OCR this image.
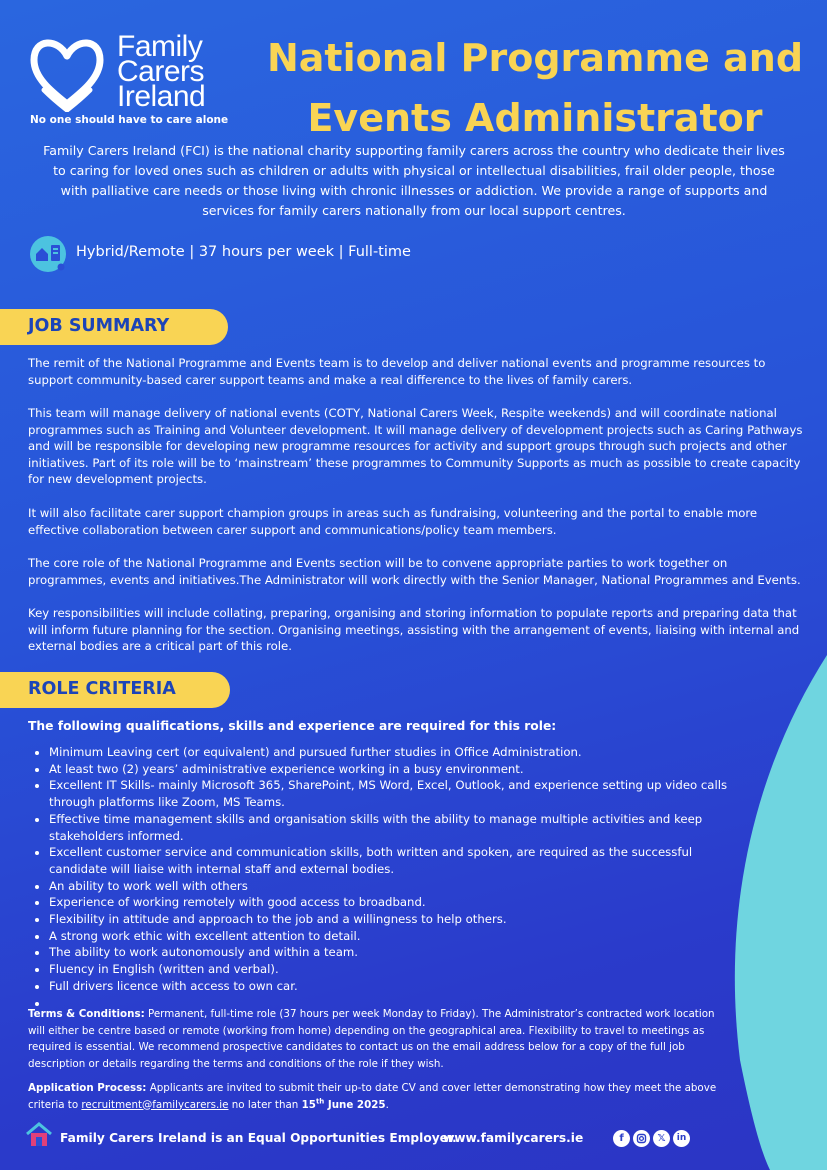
Family
Carers
Ireland
No one should have to care alone
National Programme and Events Administrator
Family Carers Ireland (FCI) is the national charity supporting family carers across the country who dedicate their lives to caring for loved ones such as children or adults with physical or intellectual disabilities, frail older people, those with palliative care needs or those living with chronic illnesses or addiction. We provide a range of supports and services for family carers nationally from our local support centres.
Hybrid/Remote | 37 hours per week | Full-time
JOB SUMMARY
The remit of the National Programme and Events team is to develop and deliver national events and programme resources to support community-based carer support teams and make a real difference to the lives of family carers.
This team will manage delivery of national events (COTY, National Carers Week, Respite weekends) and will coordinate national programmes such as Training and Volunteer development. It will manage delivery of development projects such as Caring Pathways and will be responsible for developing new programme resources for activity and support groups through such projects and other initiatives. Part of its role will be to ‘mainstream’ these programmes to Community Supports as much as possible to create capacity for new development projects.
It will also facilitate carer support champion groups in areas such as fundraising, volunteering and the portal to enable more effective collaboration between carer support and communications/policy team members.
The core role of the National Programme and Events section will be to convene appropriate parties to work together on programmes, events and initiatives.The Administrator will work directly with the Senior Manager, National Programmes and Events.
Key responsibilities will include collating, preparing, organising and storing information to populate reports and preparing data that will inform future planning for the section. Organising meetings, assisting with the arrangement of events, liaising with internal and external bodies are a critical part of this role.
ROLE CRITERIA
The following qualifications, skills and experience are required for this role:
• Minimum Leaving cert (or equivalent) and pursued further studies in Office Administration.
• At least two (2) years’ administrative experience working in a busy environment.
• Excellent IT Skills- mainly Microsoft 365, SharePoint, MS Word, Excel, Outlook, and experience setting up video calls through platforms like Zoom, MS Teams.
• Effective time management skills and organisation skills with the ability to manage multiple activities and keep stakeholders informed.
• Excellent customer service and communication skills, both written and spoken, are required as the successful candidate will liaise with internal staff and external bodies.
• An ability to work well with others
• Experience of working remotely with good access to broadband.
• Flexibility in attitude and approach to the job and a willingness to help others.
• A strong work ethic with excellent attention to detail.
• The ability to work autonomously and within a team.
• Fluency in English (written and verbal).
• Full drivers licence with access to own car.
•
Terms & Conditions: Permanent, full-time role (37 hours per week Monday to Friday). The Administrator’s contracted work location will either be centre based or remote (working from home) depending on the geographical area. Flexibility to travel to meetings as required is essential. We recommend prospective candidates to contact us on the email address below for a copy of the full job description or details regarding the terms and conditions of the role if they wish.
Application Process: Applicants are invited to submit their up-to date CV and cover letter demonstrating how they meet the above criteria to recruitment@familycarers.ie no later than 15th June 2025.
Family Carers Ireland is an Equal Opportunities Employer.
www.familycarers.ie	f	𝕏	in
